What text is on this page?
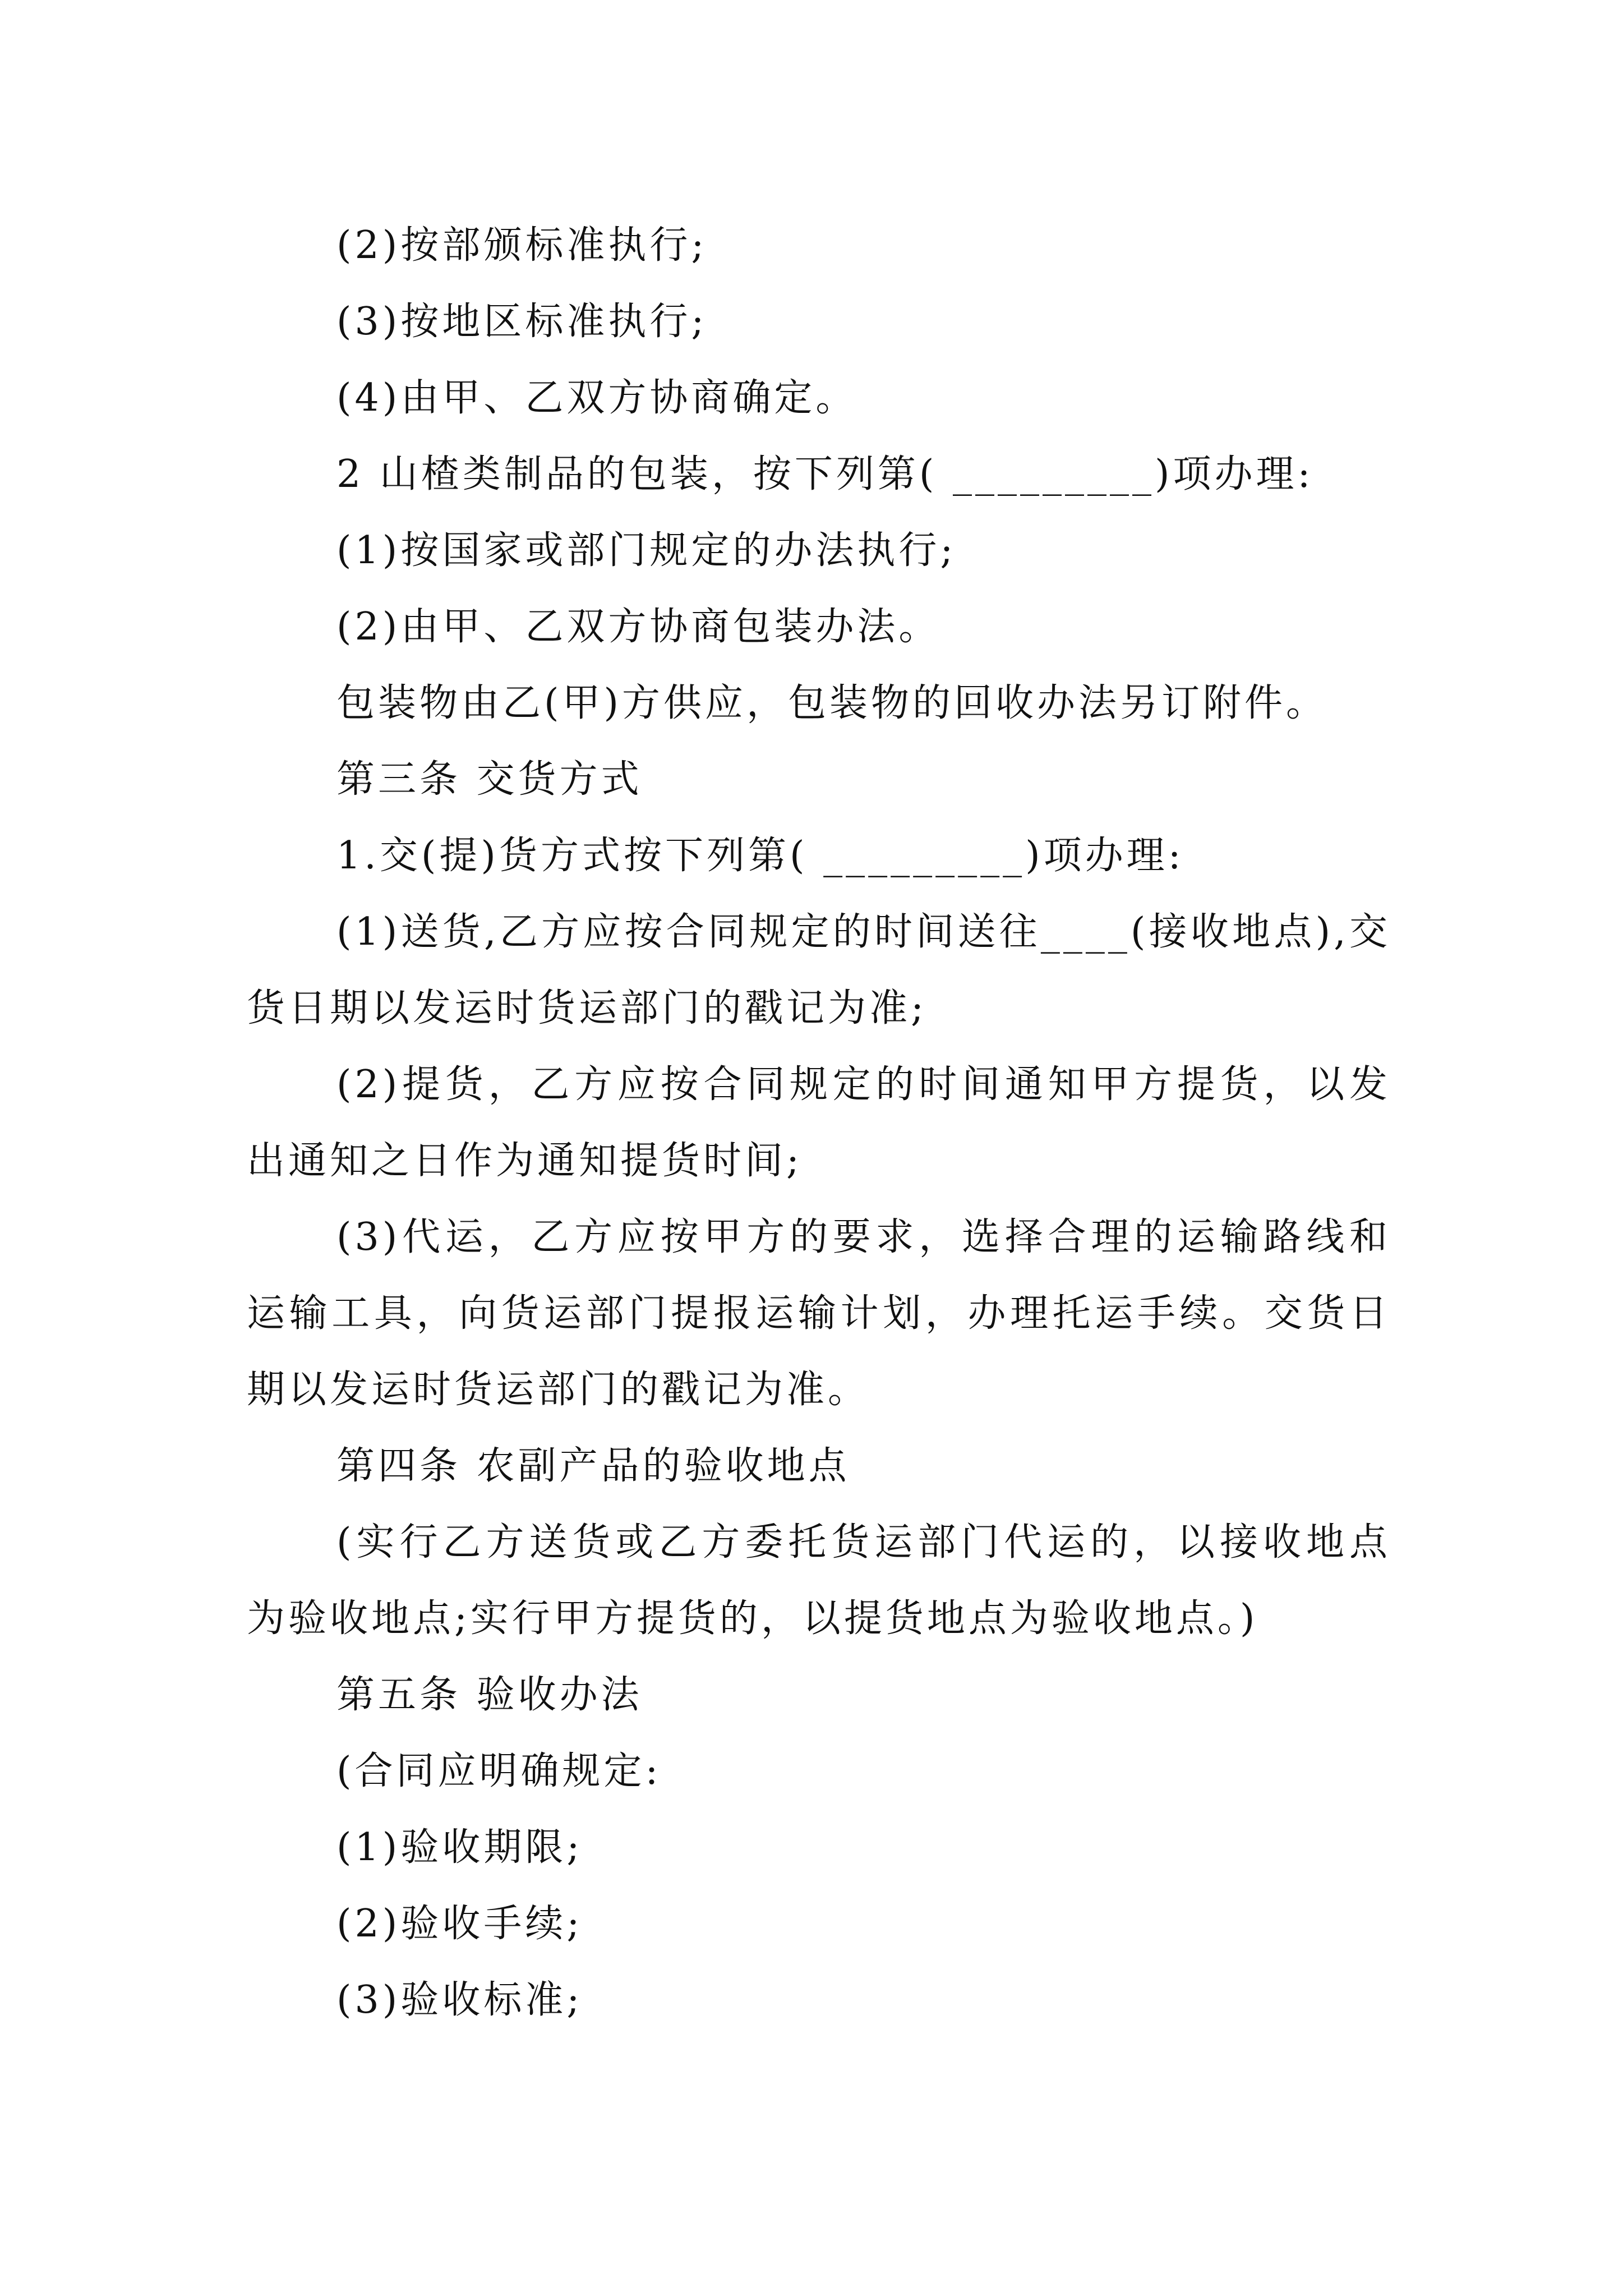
(2)按部颁标准执行;

(3)按地区标准执行;

(4)由甲、乙双方协商确定。

2 山楂类制品的包装，按下列第( _________)项办理:

(1)按国家或部门规定的办法执行;

(2)由甲、乙双方协商包装办法。

包装物由乙(甲)方供应，包装物的回收办法另订附件。

第三条 交货方式

1.交(提)货方式按下列第( _________)项办理:

(1)送货,乙方应按合同规定的时间送往____(接收地点),交货日期以发运时货运部门的戳记为准;

(2)提货，乙方应按合同规定的时间通知甲方提货，以发出通知之日作为通知提货时间;

(3)代运，乙方应按甲方的要求，选择合理的运输路线和运输工具，向货运部门提报运输计划，办理托运手续。交货日期以发运时货运部门的戳记为准。

第四条 农副产品的验收地点

(实行乙方送货或乙方委托货运部门代运的，以接收地点为验收地点;实行甲方提货的，以提货地点为验收地点。)

第五条 验收办法

(合同应明确规定:

(1)验收期限;

(2)验收手续;

(3)验收标准;
